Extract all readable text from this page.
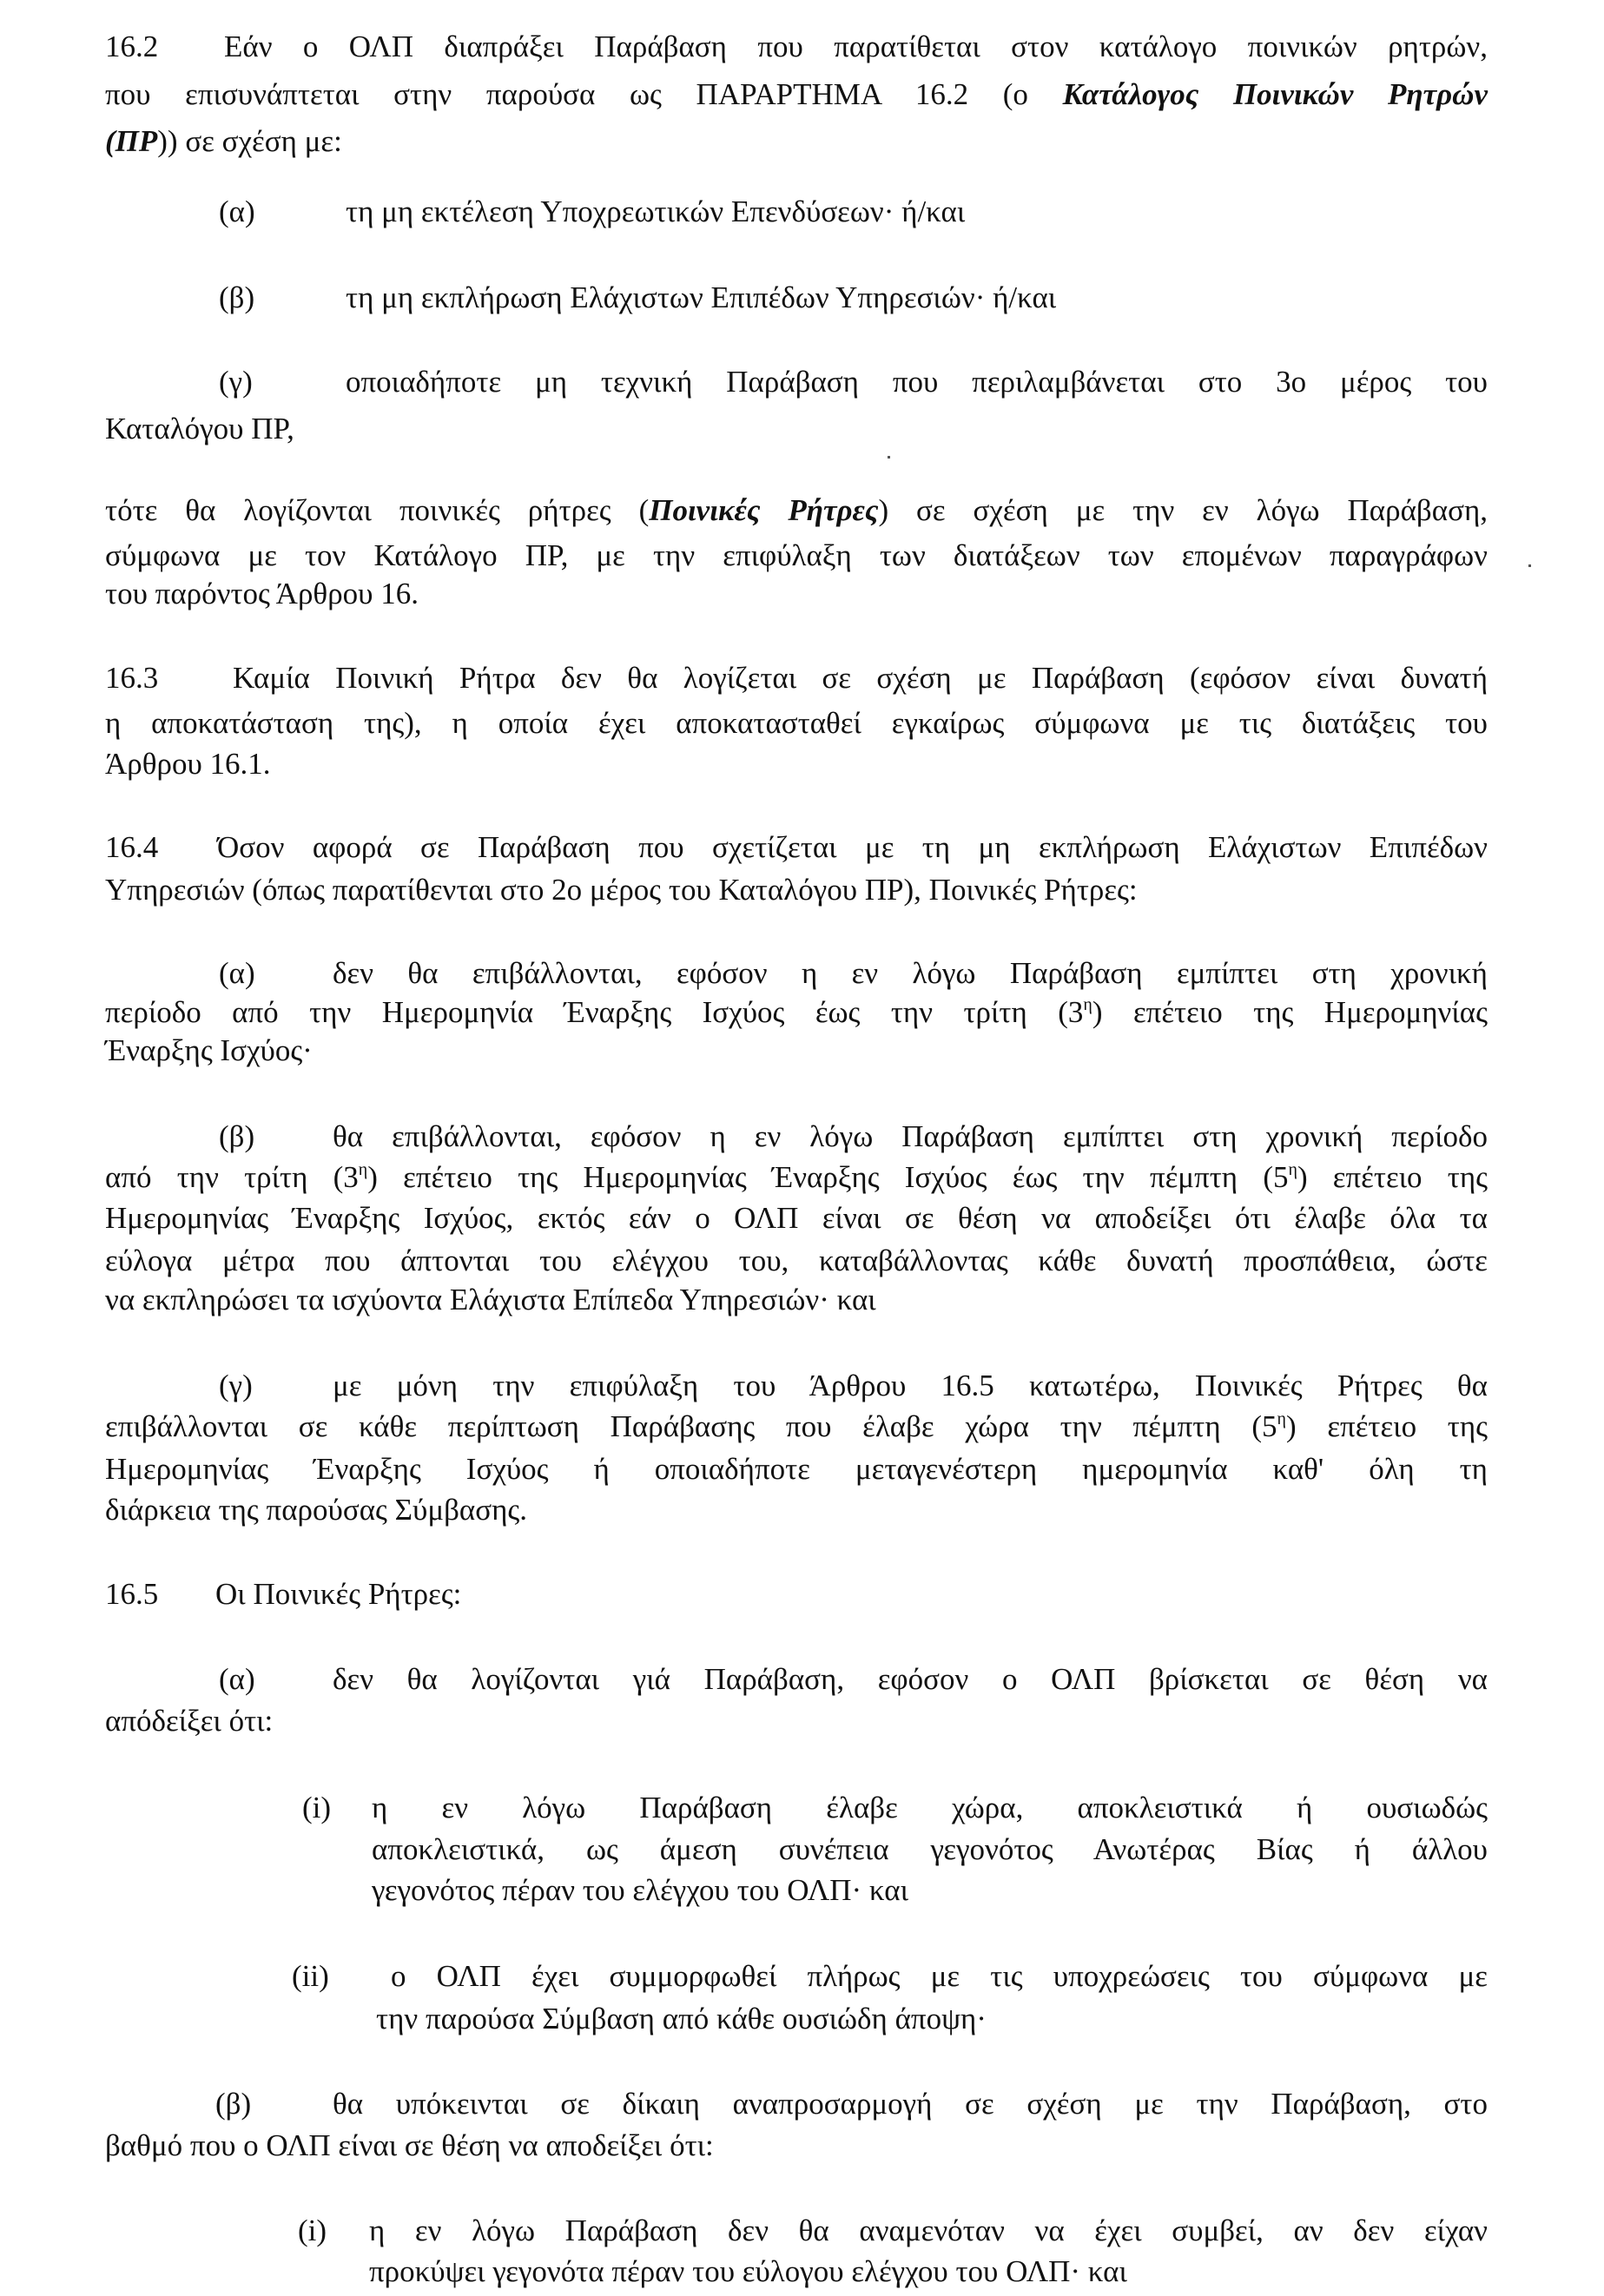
16.2 Εάν ο ΟΛΠ διαπράξει Παράβαση που παρατίθεται στον κατάλογο ποινικών ρητρών,
που επισυνάπτεται στην παρούσα ως ΠΑΡΑΡΤΗΜΑ 16.2 (ο Κατάλογος Ποινικών Ρητρών
(ΠΡ)) σε σχέση με:
(α)	τη μη εκτέλεση Υποχρεωτικών Επενδύσεων· ή/και
(β)	τη μη εκπλήρωση Ελάχιστων Επιπέδων Υπηρεσιών· ή/και
(γ)	οποιαδήποτε μη τεχνική Παράβαση που περιλαμβάνεται στο 3ο μέρος του
Καταλόγου ΠΡ,
τότε θα λογίζονται ποινικές ρήτρες (Ποινικές Ρήτρες) σε σχέση με την εν λόγω Παράβαση,
σύμφωνα με τον Κατάλογο ΠΡ, με την επιφύλαξη των διατάξεων των επομένων παραγράφων
του παρόντος Άρθρου 16.
16.3 Καμία Ποινική Ρήτρα δεν θα λογίζεται σε σχέση με Παράβαση (εφόσον είναι δυνατή
η αποκατάσταση της), η οποία έχει αποκατασταθεί εγκαίρως σύμφωνα με τις διατάξεις του
Άρθρου 16.1.
16.4 Όσον αφορά σε Παράβαση που σχετίζεται με τη μη εκπλήρωση Ελάχιστων Επιπέδων
Υπηρεσιών (όπως παρατίθενται στο 2ο μέρος του Καταλόγου ΠΡ), Ποινικές Ρήτρες:
(α)	δεν θα επιβάλλονται, εφόσον η εν λόγω Παράβαση εμπίπτει στη χρονική
περίοδο από την Ημερομηνία Έναρξης Ισχύος έως την τρίτη $(3^\eta)$ επέτειο της Ημερομηνίας
Έναρξης Ισχύος·
(β)	θα επιβάλλονται, εφόσον η εν λόγω Παράβαση εμπίπτει στη χρονική περίοδο
από την τρίτη $(3^\eta)$ επέτειο της Ημερομηνίας Έναρξης Ισχύος έως την πέμπτη $(5^\eta)$ επέτειο της
Ημερομηνίας Έναρξης Ισχύος, εκτός εάν ο ΟΛΠ είναι σε θέση να αποδείξει ότι έλαβε όλα τα
εύλογα μέτρα που άπτονται του ελέγχου του, καταβάλλοντας κάθε δυνατή προσπάθεια, ώστε
να εκπληρώσει τα ισχύοντα Ελάχιστα Επίπεδα Υπηρεσιών· και
(γ)	με μόνη την επιφύλαξη του Άρθρου 16.5 κατωτέρω, Ποινικές Ρήτρες θα
επιβάλλονται σε κάθε περίπτωση Παράβασης που έλαβε χώρα την πέμπτη $(5^\eta)$ επέτειο της
Ημερομηνίας Έναρξης Ισχύος ή οποιαδήποτε μεταγενέστερη ημερομηνία καθ' όλη τη
διάρκεια της παρούσας Σύμβασης.
16.5 Οι Ποινικές Ρήτρες:
(α)	δεν θα λογίζονται γιά Παράβαση, εφόσον ο ΟΛΠ βρίσκεται σε θέση να
απόδείξει ότι:
(i) η εν λόγω Παράβαση έλαβε χώρα, αποκλειστικά ή ουσιωδώς
αποκλειστικά, ως άμεση συνέπεια γεγονότος Ανωτέρας Βίας ή άλλου
γεγονότος πέραν του ελέγχου του ΟΛΠ· και
(ii) ο ΟΛΠ έχει συμμορφωθεί πλήρως με τις υποχρεώσεις του σύμφωνα με
την παρούσα Σύμβαση από κάθε ουσιώδη άποψη·
(β)	θα υπόκεινται σε δίκαιη αναπροσαρμογή σε σχέση με την Παράβαση, στο
βαθμό που ο ΟΛΠ είναι σε θέση να αποδείξει ότι:
(i) η εν λόγω Παράβαση δεν θα αναμενόταν να έχει συμβεί, αν δεν είχαν
προκύψει γεγονότα πέραν του εύλογου ελέγχου του ΟΛΠ· και
